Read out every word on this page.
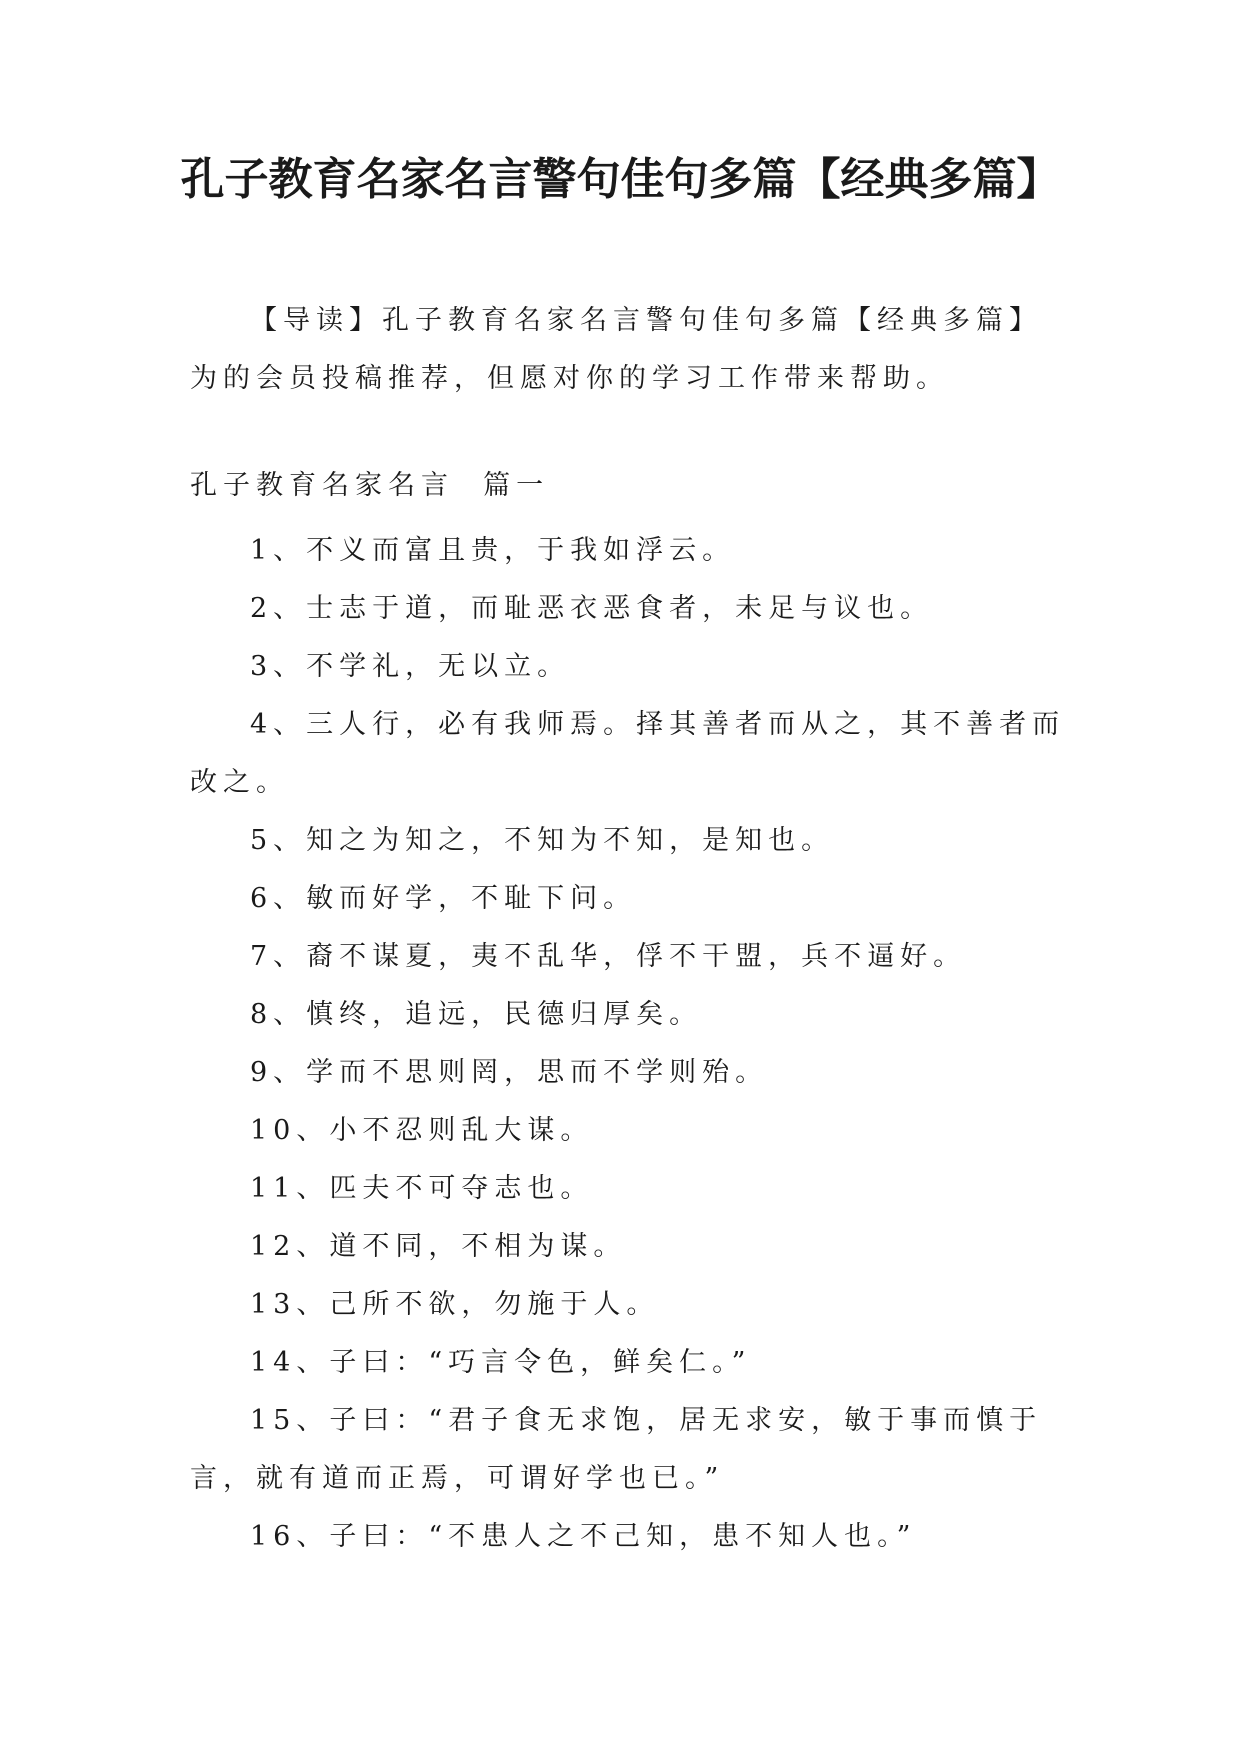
孔子教育名家名言警句佳句多篇【经典多篇】

【导读】孔子教育名家名言警句佳句多篇【经典多篇】为的会员投稿推荐，但愿对你的学习工作带来帮助。

孔子教育名家名言  篇一

1、不义而富且贵，于我如浮云。
2、士志于道，而耻恶衣恶食者，未足与议也。
3、不学礼，无以立。
4、三人行，必有我师焉。择其善者而从之，其不善者而改之。
5、知之为知之，不知为不知，是知也。
6、敏而好学，不耻下问。
7、裔不谋夏，夷不乱华，俘不干盟，兵不逼好。
8、慎终，追远，民德归厚矣。
9、学而不思则罔，思而不学则殆。
10、小不忍则乱大谋。
11、匹夫不可夺志也。
12、道不同，不相为谋。
13、己所不欲，勿施于人。
14、子曰：“巧言令色，鲜矣仁。”
15、子曰：“君子食无求饱，居无求安，敏于事而慎于言，就有道而正焉，可谓好学也已。”
16、子曰：“不患人之不己知，患不知人也。”
